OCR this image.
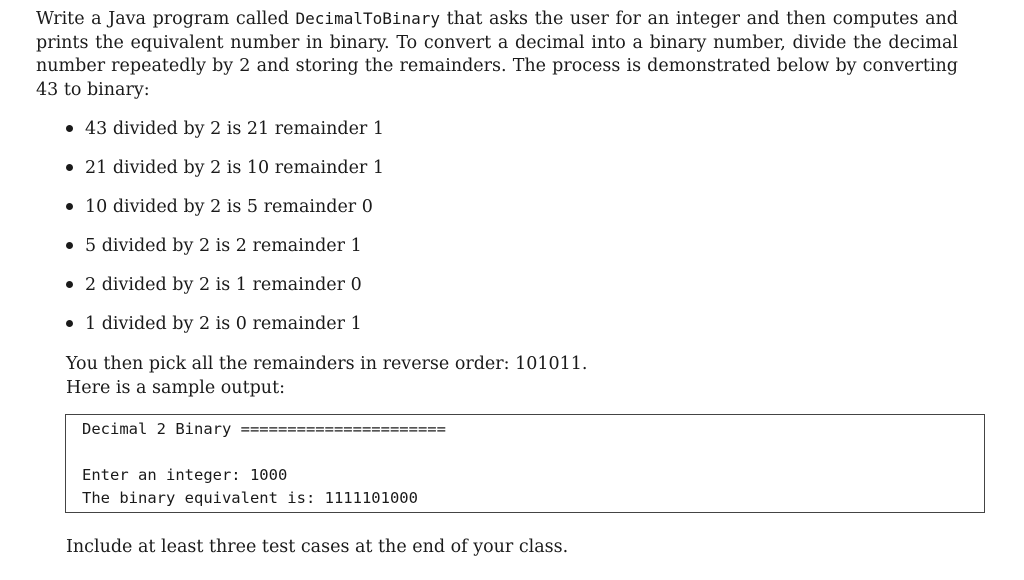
Write a Java program called DecimalToBinary that asks the user for an integer and then computes and prints the equivalent number in binary. To convert a decimal into a binary number, divide the decimal number repeatedly by 2 and storing the remainders. The process is demonstrated below by converting 43 to binary:

43 divided by 2 is 21 remainder 1
21 divided by 2 is 10 remainder 1
10 divided by 2 is 5 remainder 0
5 divided by 2 is 2 remainder 1
2 divided by 2 is 1 remainder 0
1 divided by 2 is 0 remainder 1
You then pick all the remainders in reverse order: 101011.
Here is a sample output:
Decimal 2 Binary ======================
Enter an integer: 1000
The binary equivalent is: 1111101000

Include at least three test cases at the end of your class.
